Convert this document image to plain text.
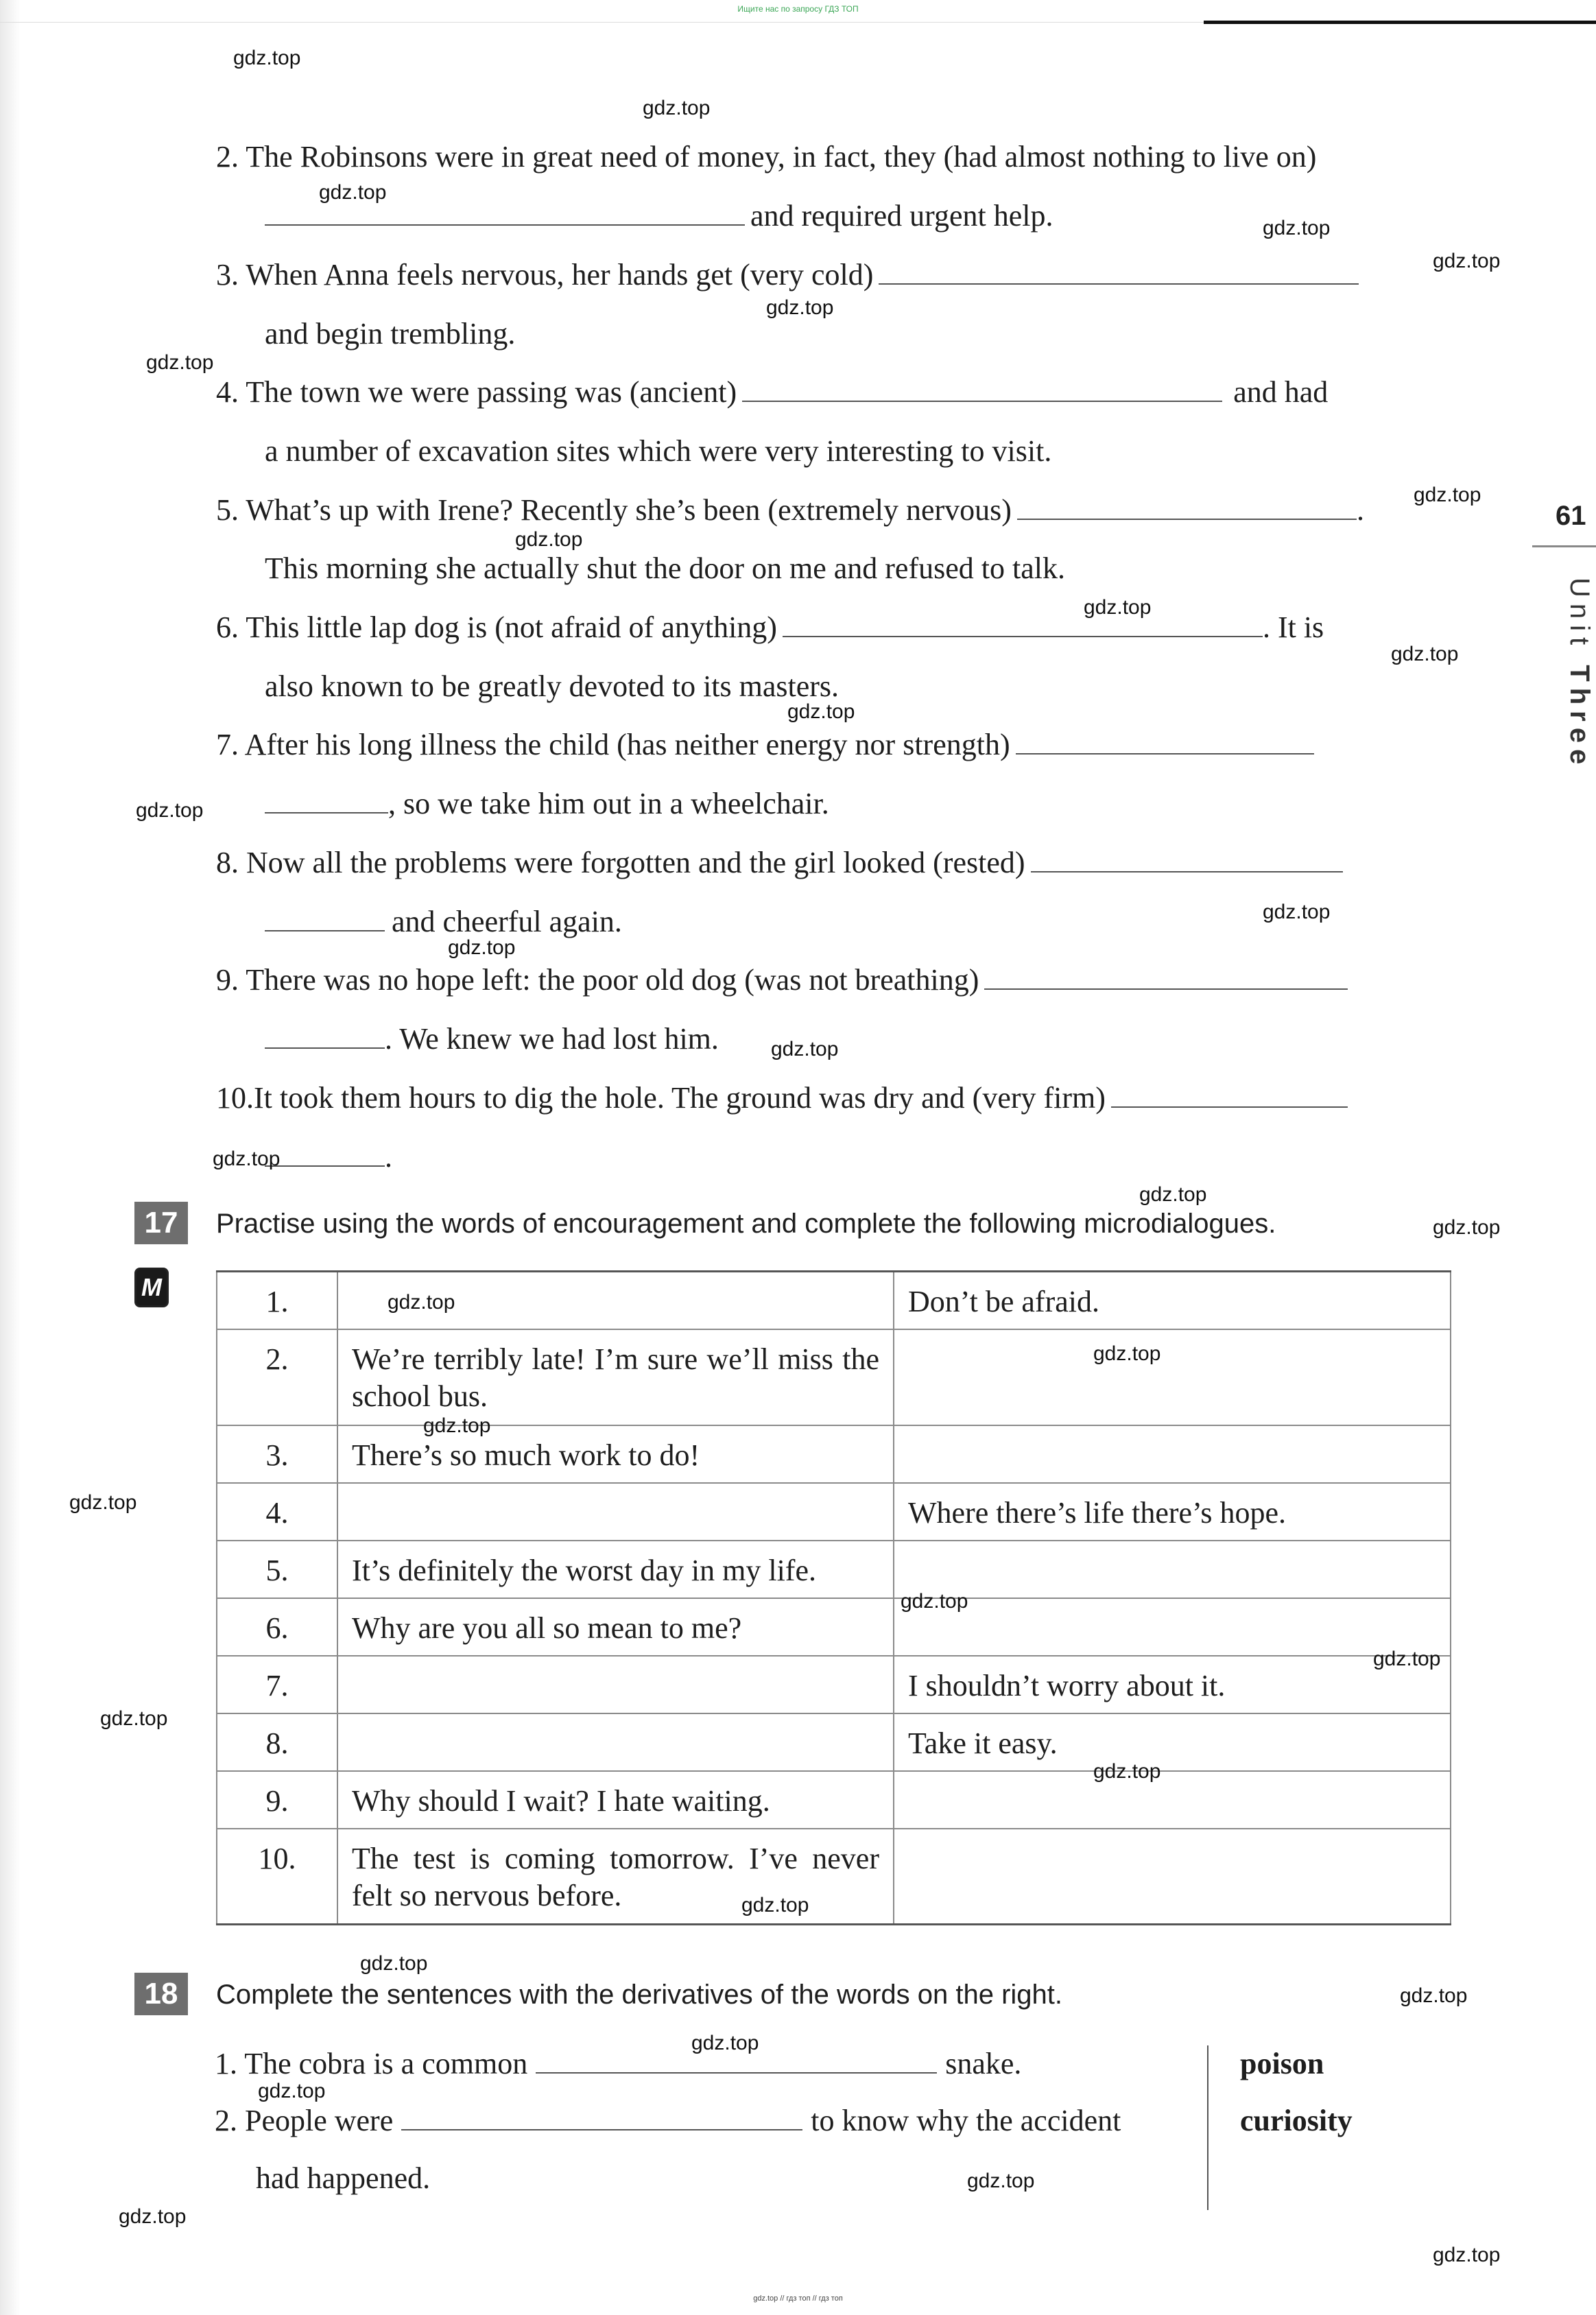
Ищите нас по запросу ГДЗ ТОП
61
Unit Three
2. The Robinsons were in great need of money, in fact, they (had almost nothing to live on)
and required urgent help.
3. When Anna feels nervous, her hands get (very cold)
and begin trembling.
4. The town we were passing was (ancient)	and had
a number of excavation sites which were very interesting to visit.
5. What’s up with Irene? Recently she’s been (extremely nervous)	.
This morning she actually shut the door on me and refused to talk.
6. This little lap dog is (not afraid of anything)	. It is
also known to be greatly devoted to its masters.
7. After his long illness the child (has neither energy nor strength)
, so we take him out in a wheelchair.
8. Now all the problems were forgotten and the girl looked (rested)
and cheerful again.
9. There was no hope left: the poor old dog (was not breathing)
. We knew we had lost him.
10.It took them hours to dig the hole. The ground was dry and (very firm)
.
17	Practise using the words of encouragement and complete the following microdialogues.
M	1.		Don’t be afraid.
2.	We’re terribly late! I’m sure we’ll miss the school bus.	
3.	There’s so much work to do!	
4.		Where there’s life there’s hope.
5.	It’s definitely the worst day in my life.	
6.	Why are you all so mean to me?	
7.		I shouldn’t worry about it.
8.		Take it easy.
9.	Why should I wait? I hate waiting.	
10.	The test is coming tomorrow. I’ve never felt so nervous before.	
18	Complete the sentences with the derivatives of the words on the right.
1. The cobra is a common	snake.
2. People were	to know why the accident
had happened.
poison
curiosity
gdz.top
gdz.top
gdz.top
gdz.top
gdz.top
gdz.top
gdz.top
gdz.top
gdz.top
gdz.top
gdz.top
gdz.top
gdz.top
gdz.top
gdz.top
gdz.top
gdz.top
gdz.top
gdz.top
gdz.top
gdz.top
gdz.top
gdz.top
gdz.top
gdz.top
gdz.top
gdz.top
gdz.top
gdz.top
gdz.top
gdz.top
gdz.top
gdz.top
gdz.top
gdz.top
gdz.top // гдз топ // гдз топ
